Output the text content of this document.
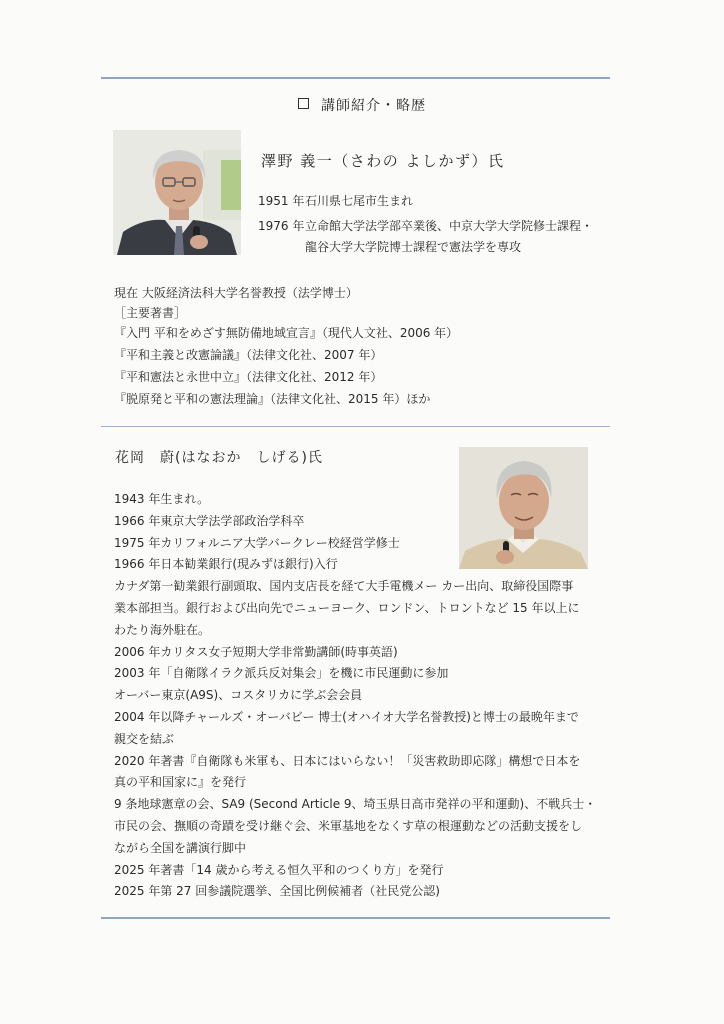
講師紹介・略歴
澤野 義一（さわの よしかず）氏
1951 年石川県七尾市生まれ
1976 年立命館大学法学部卒業後、中京大学大学院修士課程・
龍谷大学大学院博士課程で憲法学を専攻
現在 大阪経済法科大学名誉教授（法学博士）
［主要著書］
『入門 平和をめざす無防備地域宣言』（現代人文社、2006 年）
『平和主義と改憲論議』（法律文化社、2007 年）
『平和憲法と永世中立』（法律文化社、2012 年）
『脱原発と平和の憲法理論』（法律文化社、2015 年）ほか
花岡　蔚(はなおか　しげる)氏
1943 年生まれ。
1966 年東京大学法学部政治学科卒
1975 年カリフォルニア大学バークレー校経営学修士
1966 年日本勧業銀行(現みずほ銀行)入行
カナダ第一勧業銀行副頭取、国内支店長を経て大手電機メー カー出向、取締役国際事
業本部担当。銀行および出向先でニューヨーク、ロンドン、トロントなど 15 年以上に
わたり海外駐在。
2006 年カリタス女子短期大学非常勤講師(時事英語)
2003 年「自衛隊イラク派兵反対集会」を機に市民運動に参加
オーバー東京(A9S)、コスタリカに学ぶ会会員
2004 年以降チャールズ・オーバビー 博士(オハイオ大学名誉教授)と博士の最晩年まで
親交を結ぶ
2020 年著書『自衛隊も米軍も、日本にはいらない！「災害救助即応隊」構想で日本を
真の平和国家に』を発行
9 条地球憲章の会、SA9 (Second Article 9、埼玉県日高市発祥の平和運動)、不戦兵士・
市民の会、撫順の奇蹟を受け継ぐ会、米軍基地をなくす草の根運動などの活動支援をし
ながら全国を講演行脚中
2025 年著書「14 歳から考える恒久平和のつくり方」を発行
2025 年第 27 回参議院選挙、全国比例候補者（社民党公認)
